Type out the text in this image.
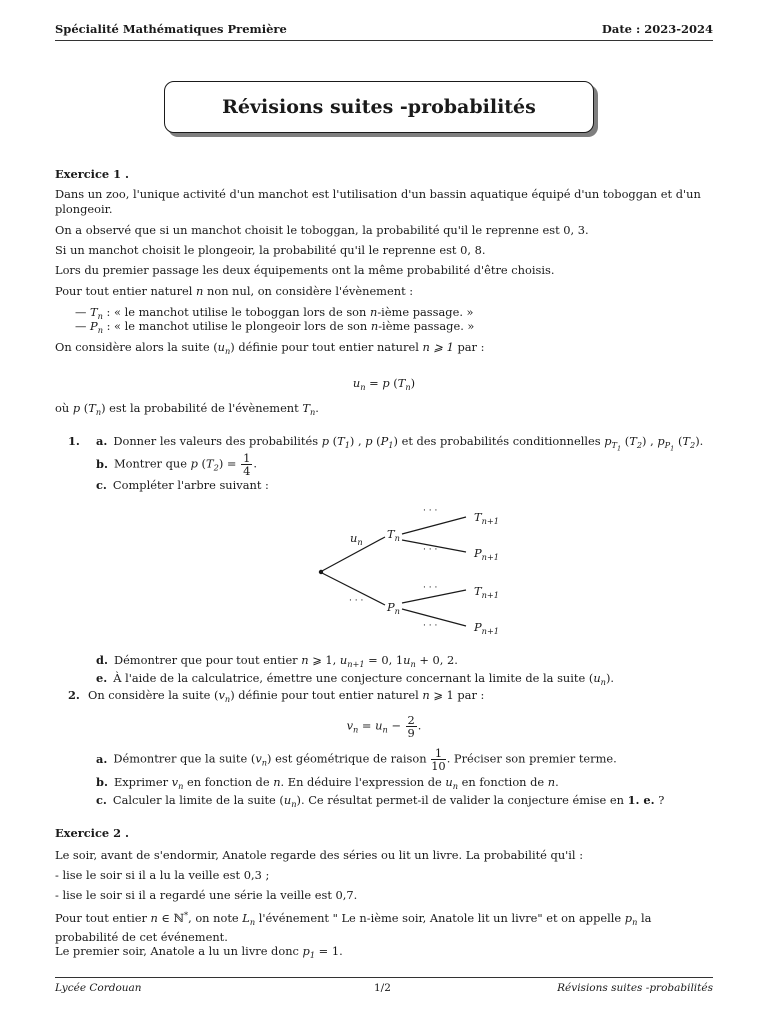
Spécialité Mathématiques Première	Date : 2023-2024
Révisions suites -probabilités
Exercice 1 .
Dans un zoo, l'unique activité d'un manchot est l'utilisation d'un bassin aquatique équipé d'un toboggan et d'un plongeoir.
On a observé que si un manchot choisit le toboggan, la probabilité qu'il le reprenne est 0, 3.
Si un manchot choisit le plongeoir, la probabilité qu'il le reprenne est 0, 8.
Lors du premier passage les deux équipements ont la même probabilité d'être choisis.
Pour tout entier naturel n non nul, on considère l'évènement :
— $T_n$ : « le manchot utilise le toboggan lors de son n-ième passage. »
— $P_n$ : « le manchot utilise le plongeoir lors de son n-ième passage. »
On considère alors la suite $(u_n)$ définie pour tout entier naturel n ⩾ 1 par :
$u_n = p$ $(T_n)$
où p $(T_n)$ est la probabilité de l'évènement $T_n$.
1. a. Donner les valeurs des probabilités p $(T_1)$ , p $(P_1)$ et des probabilités conditionnelles $p_{T_1}$ $(T_2)$ , $p_{P_1}$ $(T_2)$.
b. Montrer que p $(T_2) = \frac{1}{4}$ .
c. Compléter l'arbre suivant :
$u_n$
$T_n$
$P_n$
$T_{n+1}$
$P_{n+1}$
$T_{n+1}$
$P_{n+1}$
· · ·
· · ·
· · ·
· · ·
· · ·
d. Démontrer que pour tout entier n ⩾ 1, $u_{n+1} = 0$, $1u_n + 0$, 2.
e. À l'aide de la calculatrice, émettre une conjecture concernant la limite de la suite $(u_n)$.
2. On considère la suite $(v_n)$ définie pour tout entier naturel n ⩾ 1 par :
$v_n = u_n - \frac{2}{9}$ .
a. Démontrer que la suite $(v_n)$ est géométrique de raison $\frac{1}{10}$ . Préciser son premier terme.
b. Exprimer $v_n$ en fonction de n. En déduire l'expression de $u_n$ en fonction de n.
c. Calculer la limite de la suite $(u_n)$. Ce résultat permet-il de valider la conjecture émise en 1. e. ?
Exercice 2 .
Le soir, avant de s'endormir, Anatole regarde des séries ou lit un livre. La probabilité qu'il :
- lise le soir si il a lu la veille est 0,3 ;
- lise le soir si il a regardé une série la veille est 0,7.
Pour tout entier n ∈ ℕ*, on note $L_n$ l'événement " Le n-ième soir, Anatole lit un livre" et on appelle $p_n$ la probabilité de cet événement.
Le premier soir, Anatole a lu un livre donc $p_1 = 1$.
Lycée Cordouan	1/2	Révisions suites -probabilités
